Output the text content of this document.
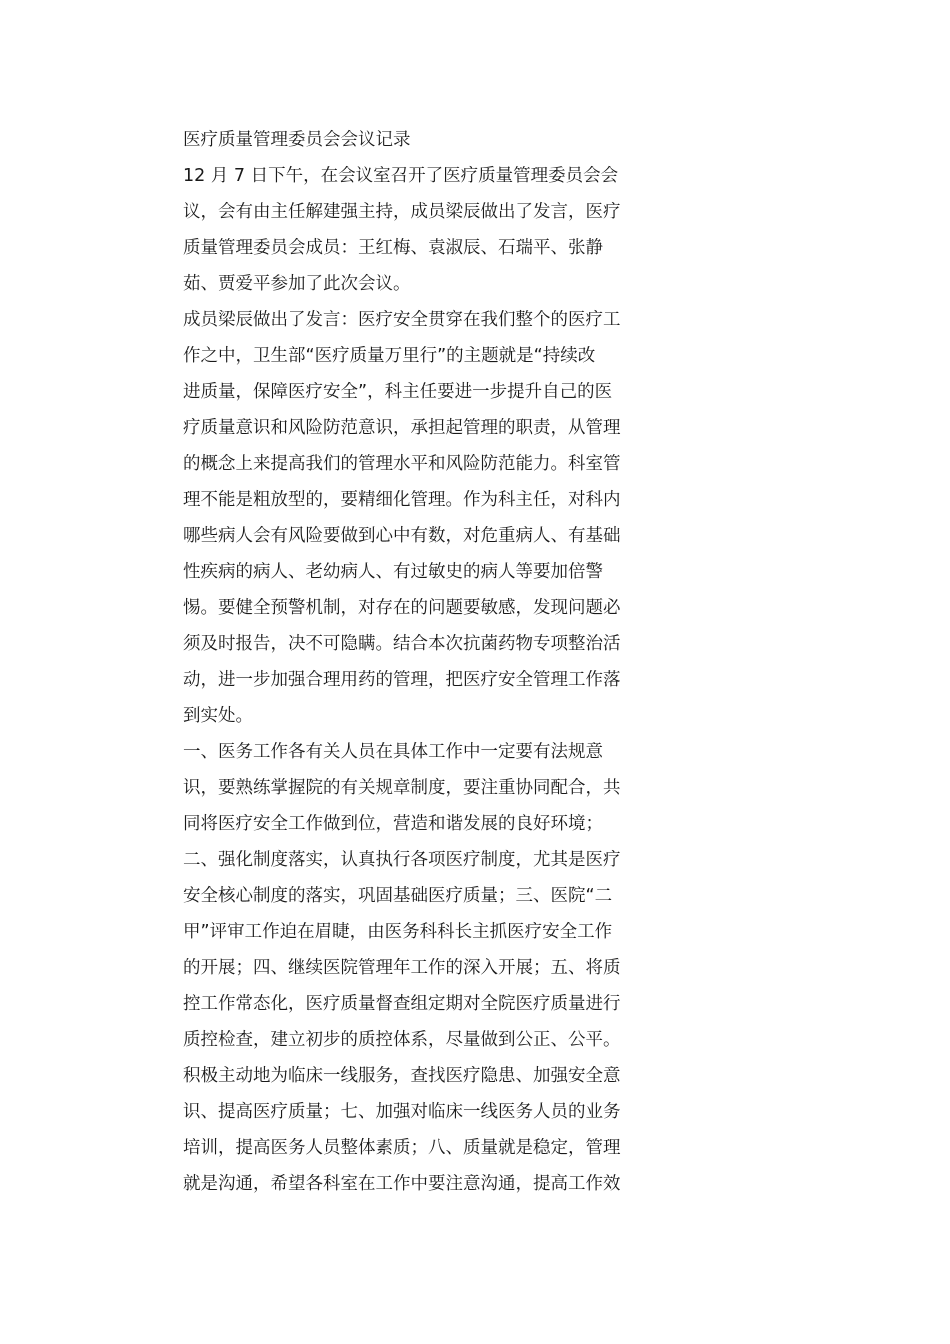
医疗质量管理委员会会议记录
12 月 7 日下午，在会议室召开了医疗质量管理委员会会
议，会有由主任解建强主持，成员梁辰做出了发言，医疗
质量管理委员会成员：王红梅、袁淑辰、石瑞平、张静
茹、贾爱平参加了此次会议。
成员梁辰做出了发言：医疗安全贯穿在我们整个的医疗工
作之中，卫生部“医疗质量万里行”的主题就是“持续改
进质量，保障医疗安全”，科主任要进一步提升自己的医
疗质量意识和风险防范意识，承担起管理的职责，从管理
的概念上来提高我们的管理水平和风险防范能力。科室管
理不能是粗放型的，要精细化管理。作为科主任，对科内
哪些病人会有风险要做到心中有数，对危重病人、有基础
性疾病的病人、老幼病人、有过敏史的病人等要加倍警
惕。要健全预警机制，对存在的问题要敏感，发现问题必
须及时报告，决不可隐瞒。结合本次抗菌药物专项整治活
动，进一步加强合理用药的管理，把医疗安全管理工作落
到实处。
一、医务工作各有关人员在具体工作中一定要有法规意
识，要熟练掌握院的有关规章制度，要注重协同配合，共
同将医疗安全工作做到位，营造和谐发展的良好环境；
二、强化制度落实，认真执行各项医疗制度，尤其是医疗
安全核心制度的落实，巩固基础医疗质量；三、医院“二
甲”评审工作迫在眉睫，由医务科科长主抓医疗安全工作
的开展；四、继续医院管理年工作的深入开展；五、将质
控工作常态化，医疗质量督查组定期对全院医疗质量进行
质控检查，建立初步的质控体系，尽量做到公正、公平。
积极主动地为临床一线服务，查找医疗隐患、加强安全意
识、提高医疗质量；七、加强对临床一线医务人员的业务
培训，提高医务人员整体素质；八、质量就是稳定，管理
就是沟通，希望各科室在工作中要注意沟通，提高工作效
